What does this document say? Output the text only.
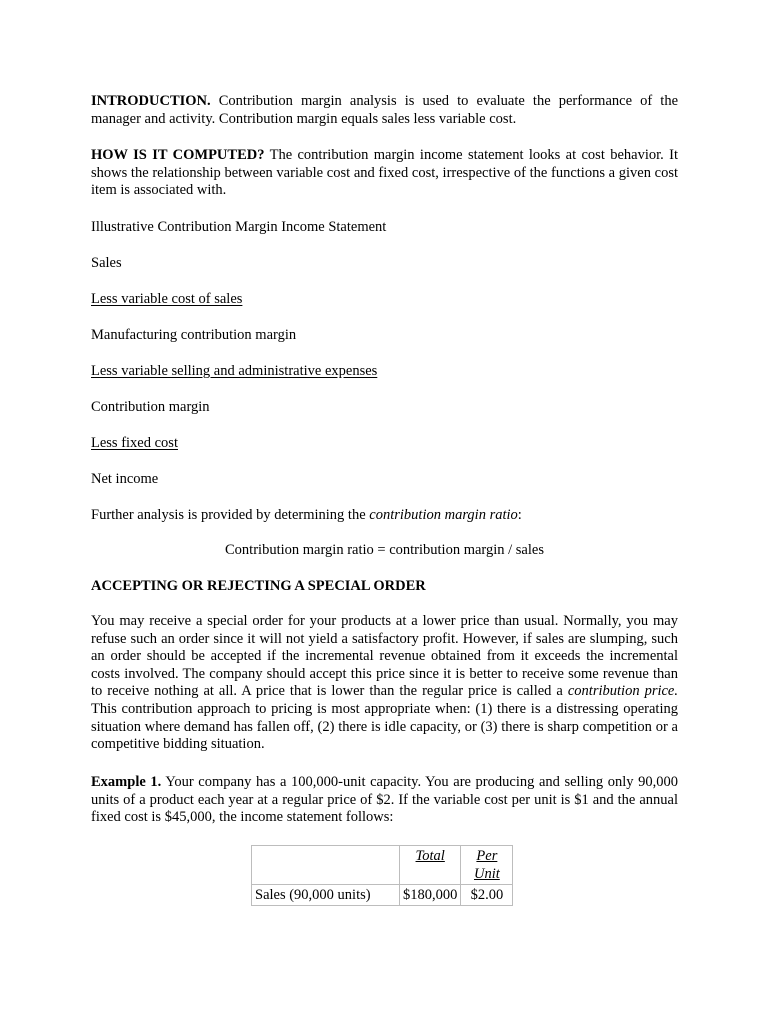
INTRODUCTION. Contribution margin analysis is used to evaluate the performance of the manager and activity. Contribution margin equals sales less variable cost.

HOW IS IT COMPUTED? The contribution margin income statement looks at cost behavior. It shows the relationship between variable cost and fixed cost, irrespective of the functions a given cost item is associated with.

Illustrative Contribution Margin Income Statement
Sales
Less variable cost of sales
Manufacturing contribution margin
Less variable selling and administrative expenses
Contribution margin
Less fixed cost
Net income
Further analysis is provided by determining the contribution margin ratio:
Contribution margin ratio = contribution margin / sales
ACCEPTING OR REJECTING A SPECIAL ORDER

You may receive a special order for your products at a lower price than usual. Normally, you may refuse such an order since it will not yield a satisfactory profit. However, if sales are slumping, such an order should be accepted if the incremental revenue obtained from it exceeds the incremental costs involved. The company should accept this price since it is better to receive some revenue than to receive nothing at all. A price that is lower than the regular price is called a contribution price. This contribution approach to pricing is most appropriate when: (1) there is a distressing operating situation where demand has fallen off, (2) there is idle capacity, or (3) there is sharp competition or a competitive bidding situation.

Example 1. Your company has a 100,000-unit capacity. You are producing and selling only 90,000 units of a product each year at a regular price of $2. If the variable cost per unit is $1 and the annual fixed cost is $45,000, the income statement follows:

	Total	Per Unit
Sales (90,000 units)	$180,000	$2.00
